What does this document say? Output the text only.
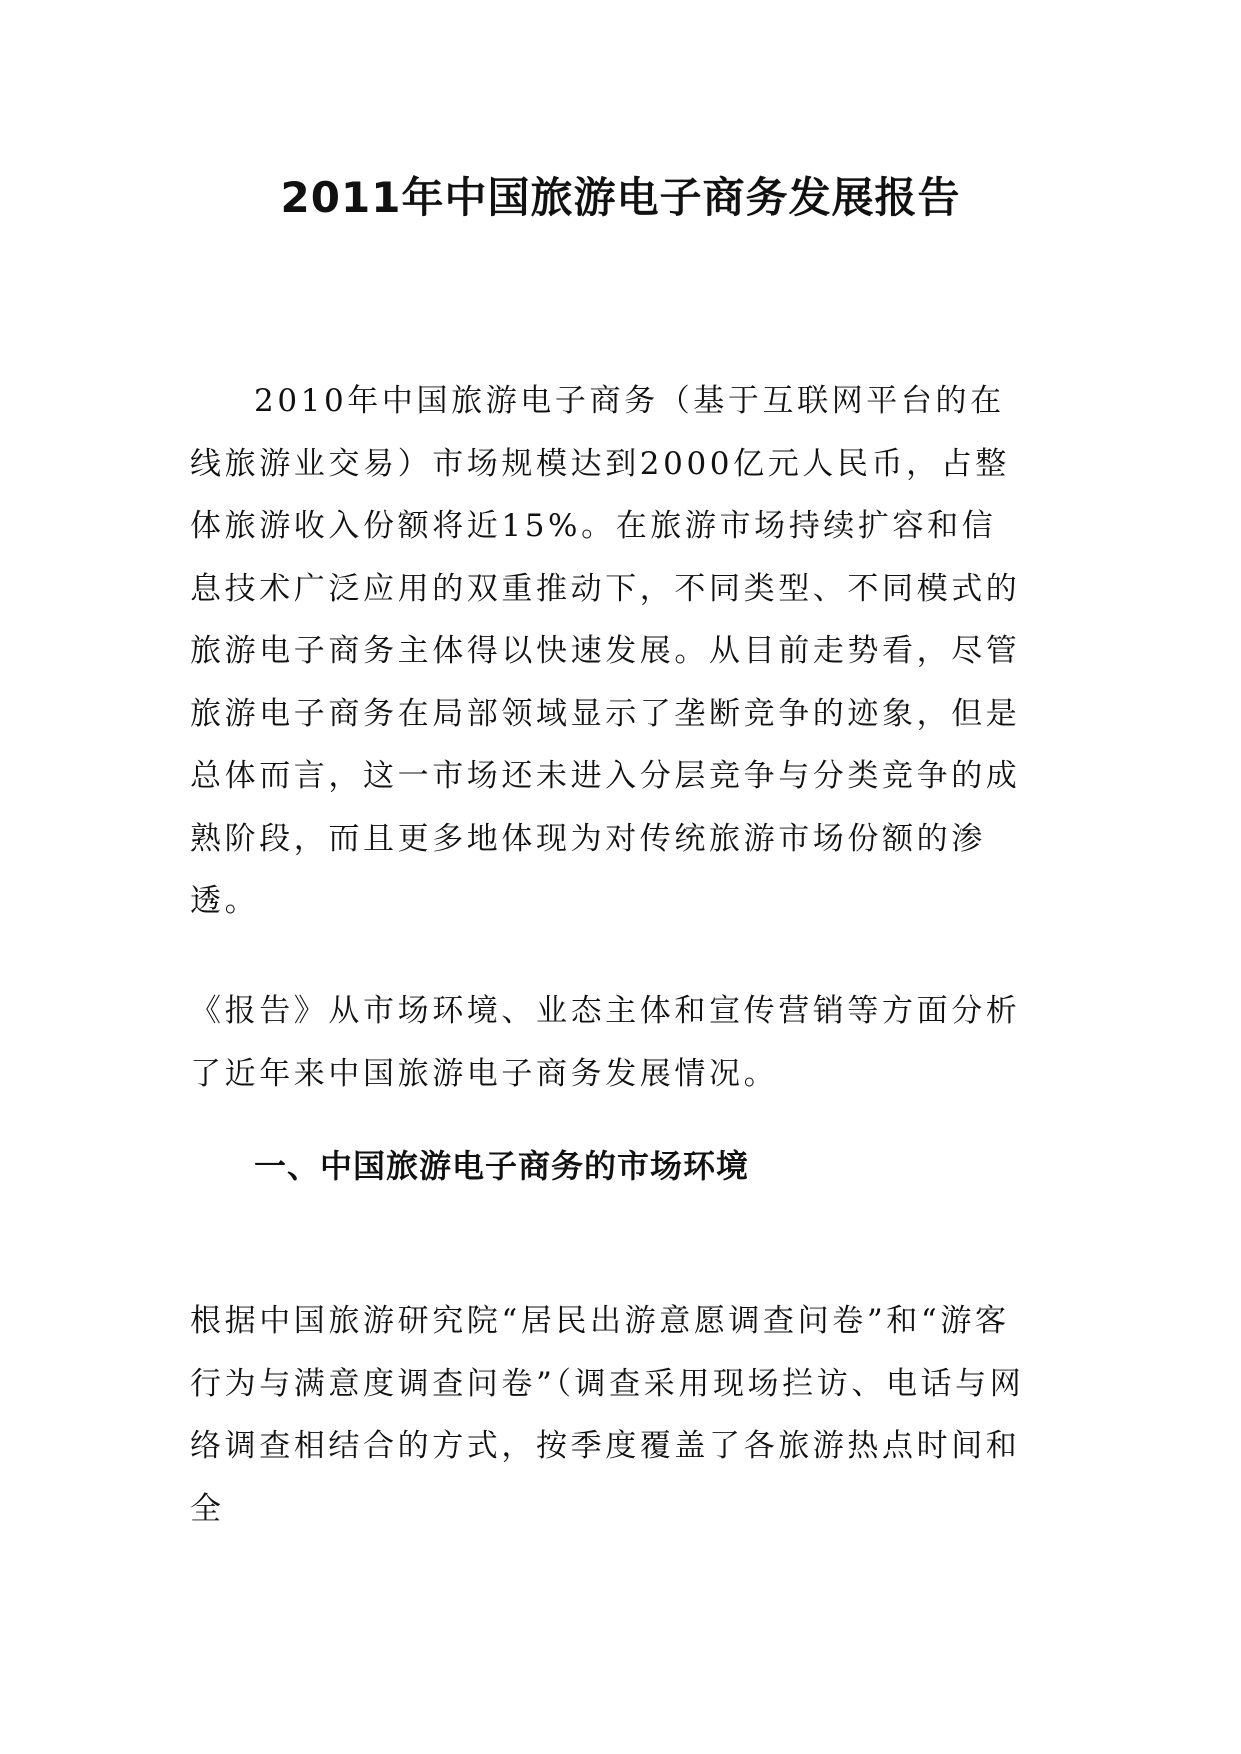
2011年中国旅游电子商务发展报告

2010年中国旅游电子商务（基于互联网平台的在线旅游业交易）市场规模达到2000亿元人民币，占整体旅游收入份额将近15%。在旅游市场持续扩容和信息技术广泛应用的双重推动下，不同类型、不同模式的旅游电子商务主体得以快速发展。从目前走势看，尽管旅游电子商务在局部领域显示了垄断竞争的迹象，但是总体而言，这一市场还未进入分层竞争与分类竞争的成熟阶段，而且更多地体现为对传统旅游市场份额的渗透。

《报告》从市场环境、业态主体和宣传营销等方面分析了近年来中国旅游电子商务发展情况。

一、中国旅游电子商务的市场环境

根据中国旅游研究院“居民出游意愿调查问卷”和“游客行为与满意度调查问卷”（调查采用现场拦访、电话与网络调查相结合的方式，按季度覆盖了各旅游热点时间和全
